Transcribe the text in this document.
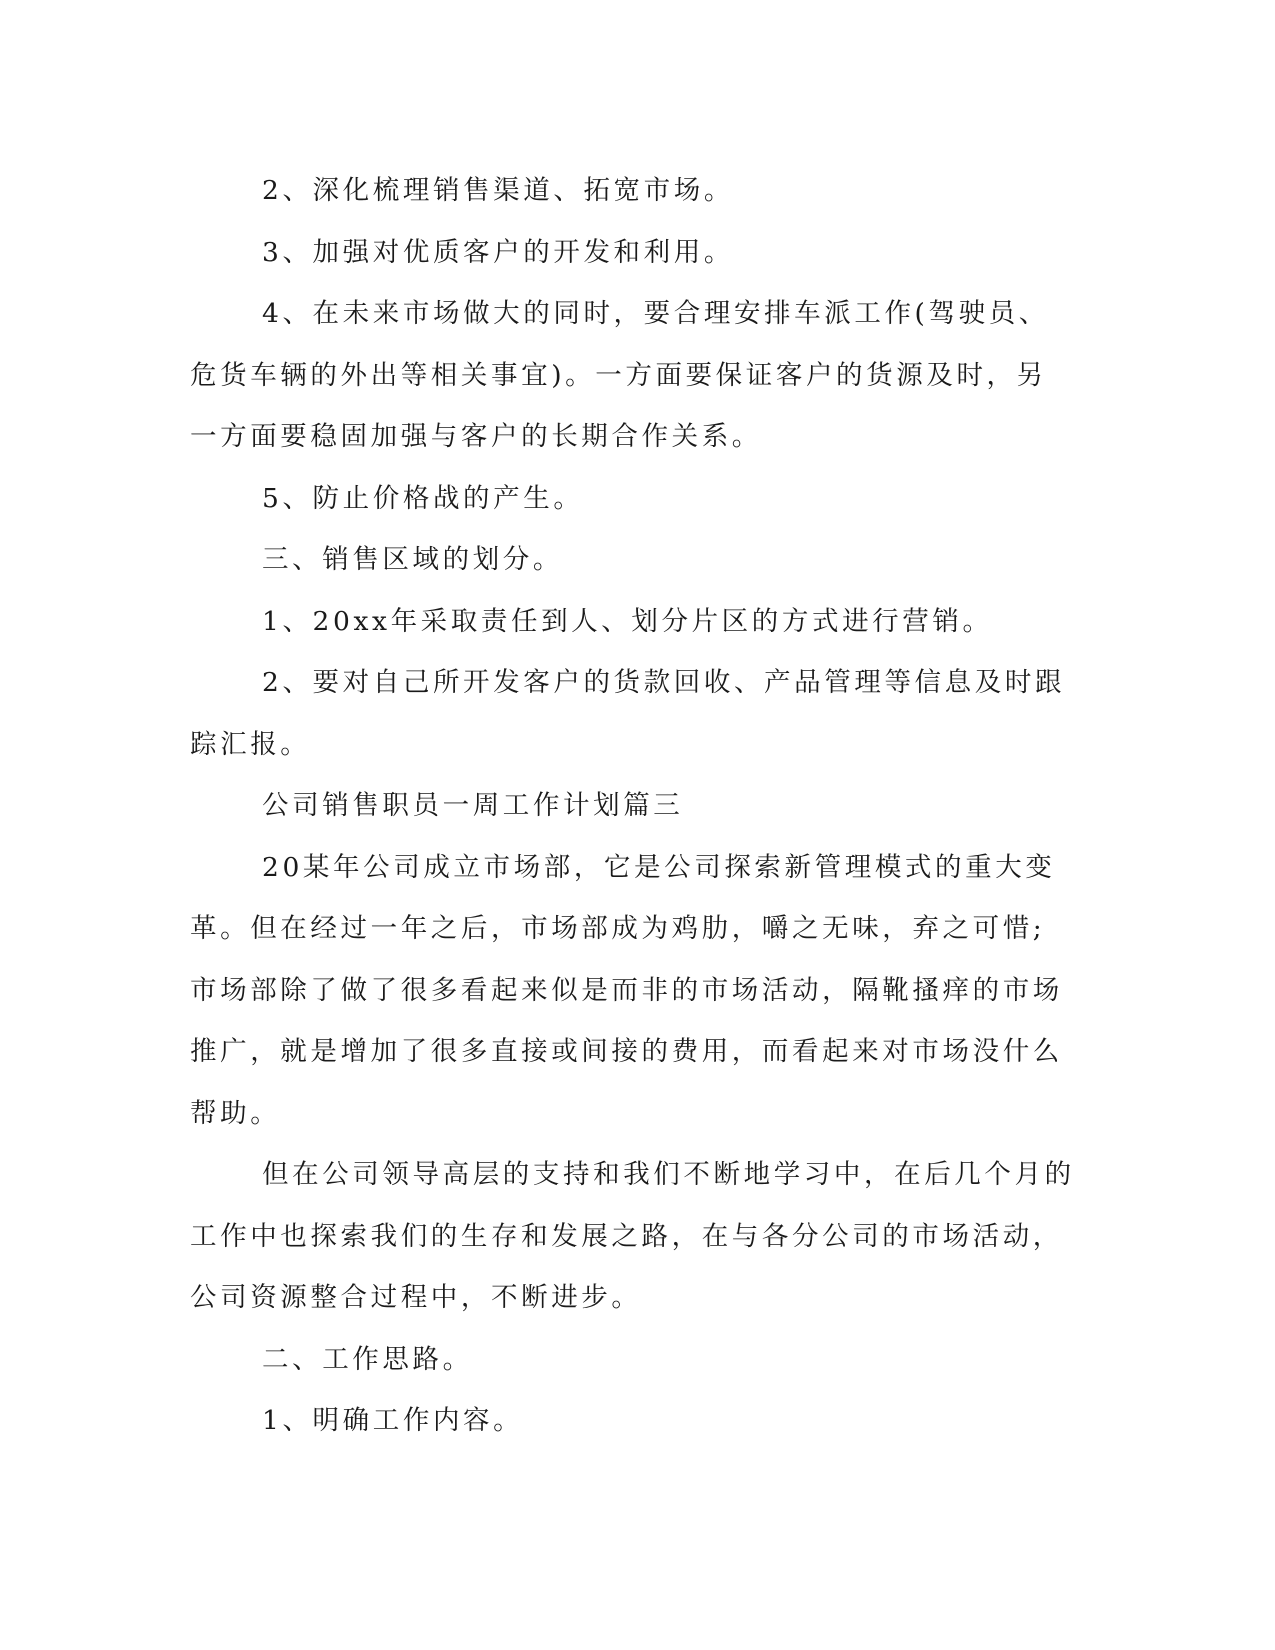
2、深化梳理销售渠道、拓宽市场。

3、加强对优质客户的开发和利用。

4、在未来市场做大的同时，要合理安排车派工作(驾驶员、危货车辆的外出等相关事宜)。一方面要保证客户的货源及时，另一方面要稳固加强与客户的长期合作关系。

5、防止价格战的产生。

三、销售区域的划分。

1、20xx年采取责任到人、划分片区的方式进行营销。

2、要对自己所开发客户的货款回收、产品管理等信息及时跟踪汇报。

公司销售职员一周工作计划篇三

20某年公司成立市场部，它是公司探索新管理模式的重大变革。但在经过一年之后，市场部成为鸡肋，嚼之无味，弃之可惜;市场部除了做了很多看起来似是而非的市场活动，隔靴搔痒的市场推广，就是增加了很多直接或间接的费用，而看起来对市场没什么帮助。

但在公司领导高层的支持和我们不断地学习中，在后几个月的工作中也探索我们的生存和发展之路，在与各分公司的市场活动，公司资源整合过程中，不断进步。

二、工作思路。

1、明确工作内容。
